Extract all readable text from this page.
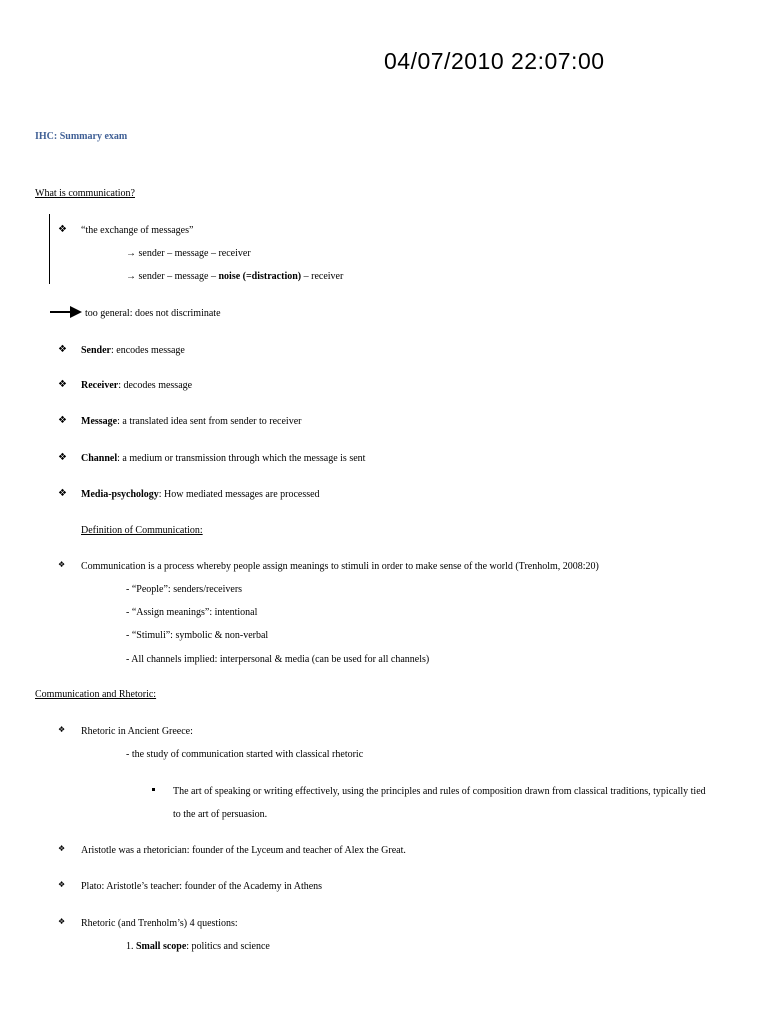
04/07/2010 22:07:00
IHC: Summary exam
What is communication?
❖ “the exchange of messages”
→ sender – message – receiver
→ sender – message – noise (=distraction) – receiver
too general: does not discriminate
❖ Sender: encodes message
❖ Receiver: decodes message
❖ Message: a translated idea sent from sender to receiver
❖ Channel: a medium or transmission through which the message is sent
❖ Media-psychology: How mediated messages are processed
Definition of Communication:
❖ Communication is a process whereby people assign meanings to stimuli in order to make sense of the world (Trenholm, 2008:20)
- “People”: senders/receivers
- “Assign meanings”: intentional
- “Stimuli”: symbolic & non-verbal
- All channels implied: interpersonal & media (can be used for all channels)
Communication and Rhetoric:
❖ Rhetoric in Ancient Greece:
- the study of communication started with classical rhetoric
The art of speaking or writing effectively, using the principles and rules of composition drawn from classical traditions, typically tied
to the art of persuasion.
❖ Aristotle was a rhetorician: founder of the Lyceum and teacher of Alex the Great.
❖ Plato: Aristotle’s teacher: founder of the Academy in Athens
❖ Rhetoric (and Trenholm’s) 4 questions:
1. Small scope: politics and science
